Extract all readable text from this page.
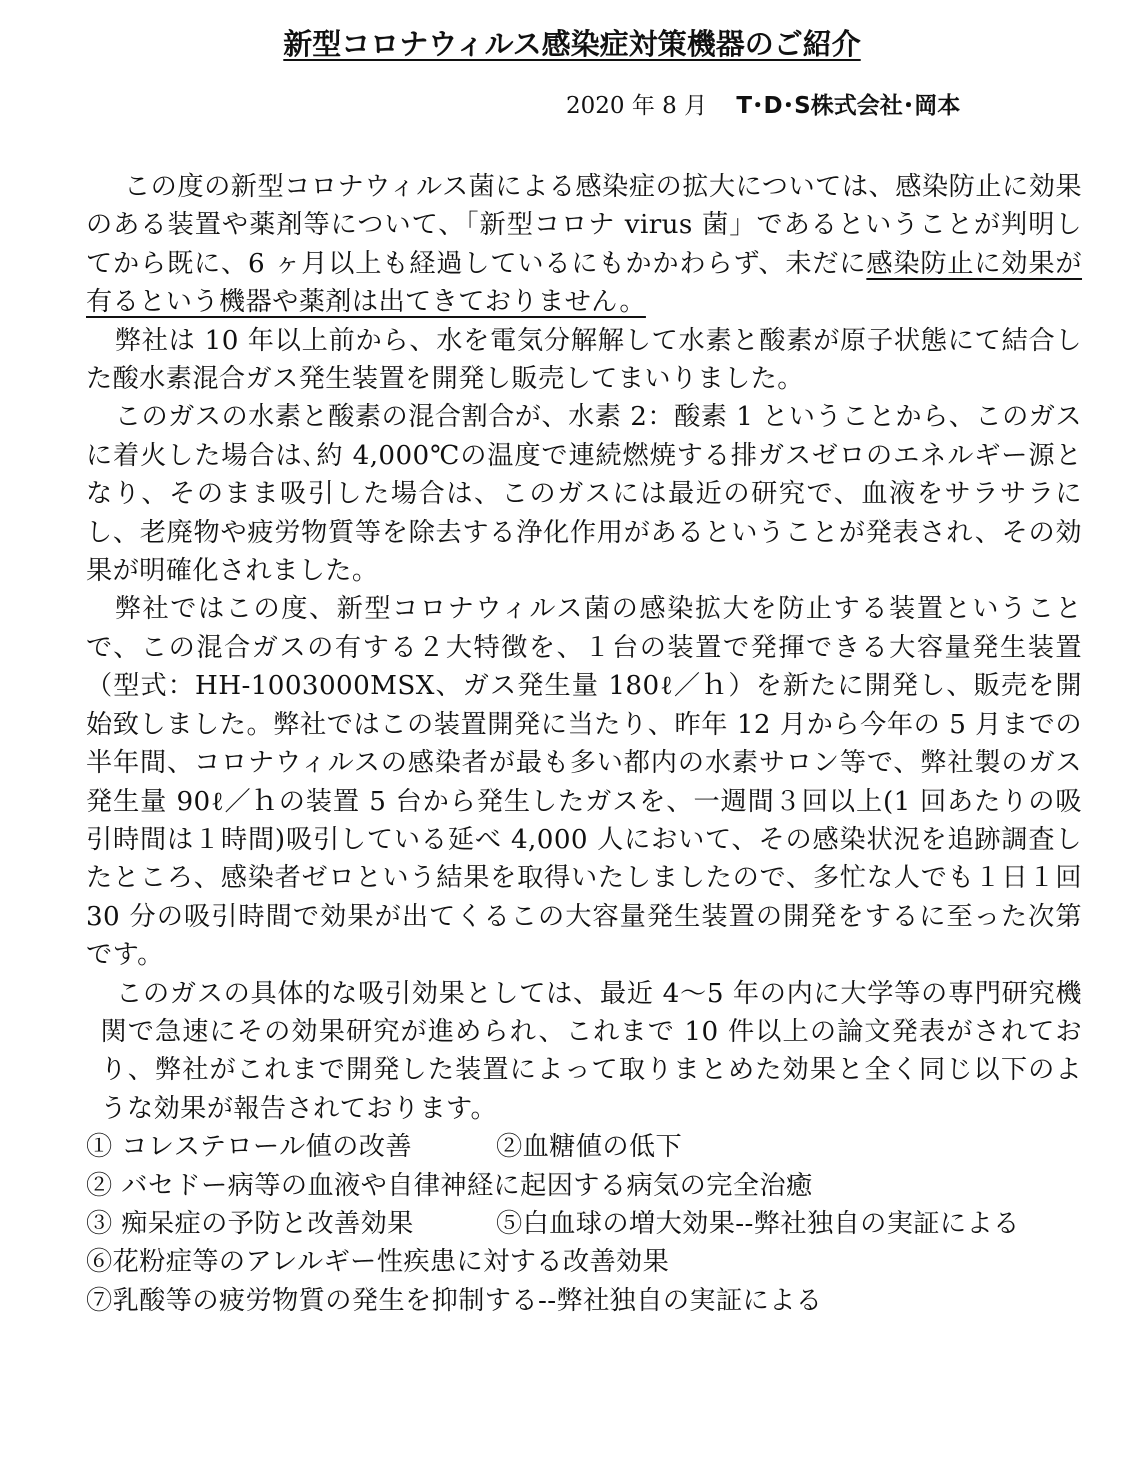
新型コロナウィルス感染症対策機器のご紹介
2020 年 8 月 T･D･S株式会社･岡本

この度の新型コロナウィルス菌による感染症の拡大については、感染防止に効果のある装置や薬剤等について、「新型コロナ virus 菌」であるということが判明してから既に、6 ヶ月以上も経過しているにもかかわらず、未だに感染防止に効果が有るという機器や薬剤は出てきておりません。

弊社は 10 年以上前から、水を電気分解解して水素と酸素が原子状態にて結合した酸水素混合ガス発生装置を開発し販売してまいりました。

このガスの水素と酸素の混合割合が、水素 2：酸素 1 ということから、このガスに着火した場合は､約 4,000℃の温度で連続燃焼する排ガスゼロのエネルギー源となり、そのまま吸引した場合は、このガスには最近の研究で、血液をサラサラにし、老廃物や疲労物質等を除去する浄化作用があるということが発表され、その効果が明確化されました。

弊社ではこの度、新型コロナウィルス菌の感染拡大を防止する装置ということで、この混合ガスの有する２大特徴を、１台の装置で発揮できる大容量発生装置（型式：HH-1003000MSX、ガス発生量 180ℓ／ｈ）を新たに開発し、販売を開始致しました。弊社ではこの装置開発に当たり、昨年 12 月から今年の 5 月までの半年間、コロナウィルスの感染者が最も多い都内の水素サロン等で、弊社製のガス発生量 90ℓ／ｈの装置 5 台から発生したガスを、一週間３回以上(1 回あたりの吸引時間は１時間)吸引している延べ 4,000 人において、その感染状況を追跡調査したところ、感染者ゼロという結果を取得いたしましたので、多忙な人でも１日１回 30 分の吸引時間で効果が出てくるこの大容量発生装置の開発をするに至った次第です。

このガスの具体的な吸引効果としては、最近 4～5 年の内に大学等の専門研究機関で急速にその効果研究が進められ、これまで 10 件以上の論文発表がされており、弊社がこれまで開発した装置によって取りまとめた効果と全く同じ以下のような効果が報告されております。

① コレステロール値の改善	②血糖値の低下
② バセドー病等の血液や自律神経に起因する病気の完全治癒
③ 痴呆症の予防と改善効果	⑤白血球の増大効果--弊社独自の実証による
⑥花粉症等のアレルギー性疾患に対する改善効果
⑦乳酸等の疲労物質の発生を抑制する--弊社独自の実証による
